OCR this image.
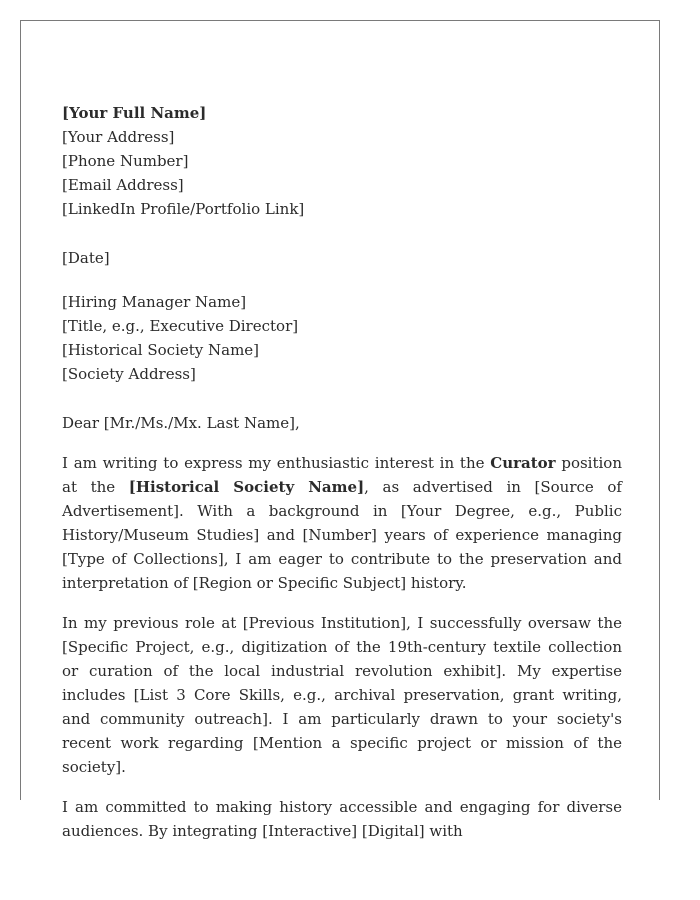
[Your Full Name]
[Your Address]
[Phone Number]
[Email Address]
[LinkedIn Profile/Portfolio Link]
[Date]
[Hiring Manager Name]
[Title, e.g., Executive Director]
[Historical Society Name]
[Society Address]
Dear [Mr./Ms./Mx. Last Name],

I am writing to express my enthusiastic interest in the Curator position at the [Historical Society Name], as advertised in [Source of Advertisement]. With a background in [Your Degree, e.g., Public History/Museum Studies] and [Number] years of experience managing [Type of Collections], I am eager to contribute to the preservation and interpretation of [Region or Specific Subject] history.

In my previous role at [Previous Institution], I successfully oversaw the [Specific Project, e.g., digitization of the 19th-century textile collection or curation of the local industrial revolution exhibit]. My expertise includes [List 3 Core Skills, e.g., archival preservation, grant writing, and community outreach]. I am particularly drawn to your society's recent work regarding [Mention a specific project or mission of the society].

I am committed to making history accessible and engaging for diverse audiences. By integrating [Interactive] [Digital] with
